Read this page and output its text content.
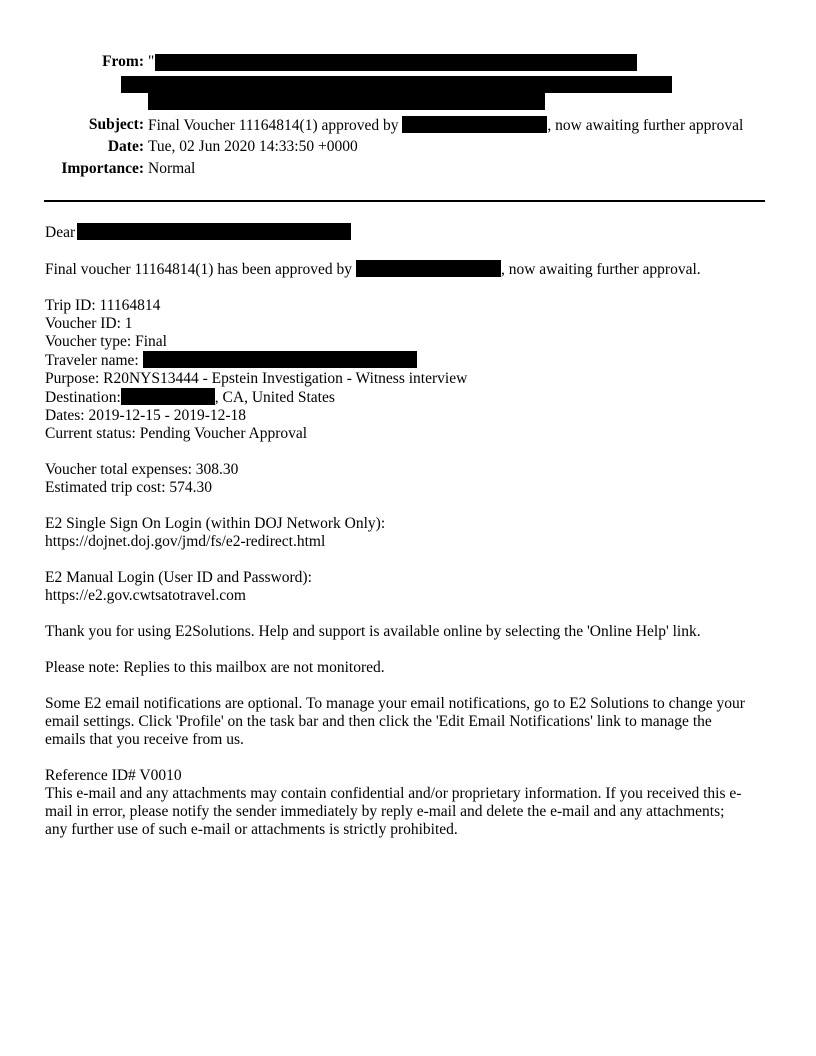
From: "
Subject: Final Voucher 11164814(1) approved by	, now awaiting further approval
Date: Tue, 02 Jun 2020 14:33:50 +0000
Importance: Normal

Dear

Final voucher 11164814(1) has been approved by	, now awaiting further approval.

Trip ID: 11164814
Voucher ID: 1
Voucher type: Final
Traveler name:
Purpose: R20NYS13444 - Epstein Investigation - Witness interview
Destination:	, CA, United States
Dates: 2019-12-15 - 2019-12-18
Current status: Pending Voucher Approval

Voucher total expenses: 308.30
Estimated trip cost: 574.30

E2 Single Sign On Login (within DOJ Network Only):
https://dojnet.doj.gov/jmd/fs/e2-redirect.html

E2 Manual Login (User ID and Password):
https://e2.gov.cwtsatotravel.com

Thank you for using E2Solutions. Help and support is available online by selecting the 'Online Help' link.

Please note: Replies to this mailbox are not monitored.

Some E2 email notifications are optional. To manage your email notifications, go to E2 Solutions to change your
email settings. Click 'Profile' on the task bar and then click the 'Edit Email Notifications' link to manage the
emails that you receive from us.

Reference ID# V0010
This e-mail and any attachments may contain confidential and/or proprietary information. If you received this e-
mail in error, please notify the sender immediately by reply e-mail and delete the e-mail and any attachments;
any further use of such e-mail or attachments is strictly prohibited.
